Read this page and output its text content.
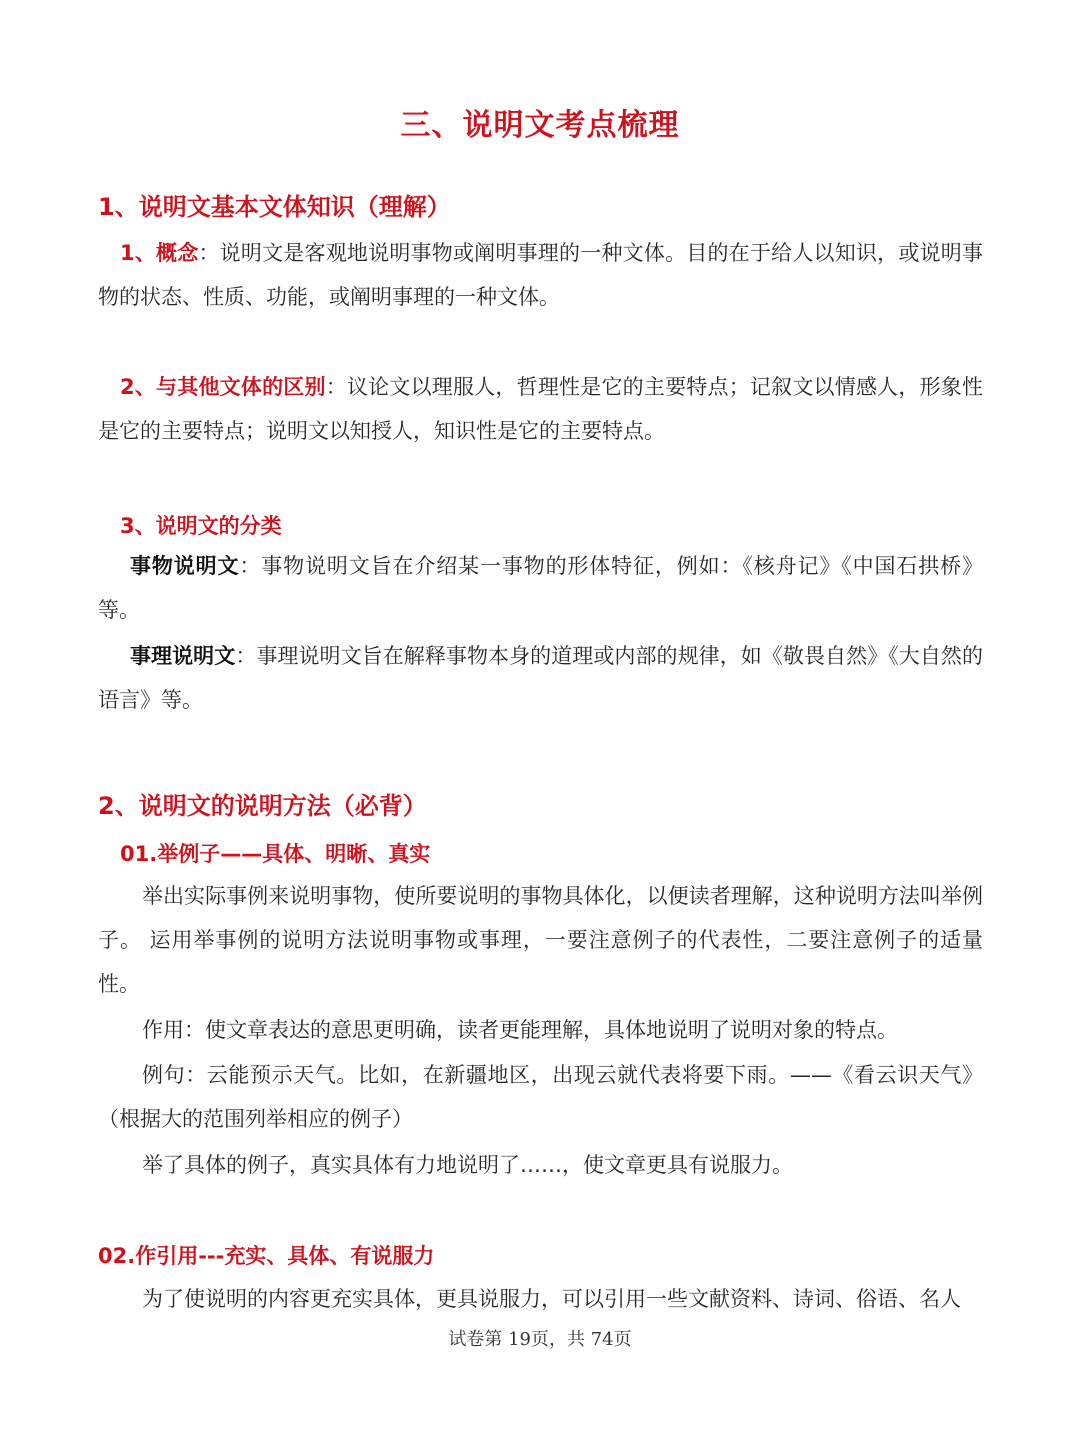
三、说明文考点梳理
1、说明文基本文体知识（理解）
1、概念：说明文是客观地说明事物或阐明事理的一种文体。目的在于给人以知识，或说明事物的状态、性质、功能，或阐明事理的一种文体。
2、与其他文体的区别：议论文以理服人，哲理性是它的主要特点；记叙文以情感人，形象性是它的主要特点；说明文以知授人，知识性是它的主要特点。
3、说明文的分类
事物说明文：事物说明文旨在介绍某一事物的形体特征，例如：《核舟记》《中国石拱桥》等。
事理说明文：事理说明文旨在解释事物本身的道理或内部的规律，如《敬畏自然》《大自然的语言》等。
2、说明文的说明方法（必背）
01.举例子——具体、明晰、真实
举出实际事例来说明事物，使所要说明的事物具体化，以便读者理解，这种说明方法叫举例子。 运用举事例的说明方法说明事物或事理，一要注意例子的代表性，二要注意例子的适量性。
作用：使文章表达的意思更明确，读者更能理解，具体地说明了说明对象的特点。
例句：云能预示天气。比如，在新疆地区，出现云就代表将要下雨。——《看云识天气》（根据大的范围列举相应的例子）
举了具体的例子，真实具体有力地说明了……，使文章更具有说服力。
02.作引用---充实、具体、有说服力
为了使说明的内容更充实具体，更具说服力，可以引用一些文献资料、诗词、俗语、名人
试卷第 19页，共 74页
